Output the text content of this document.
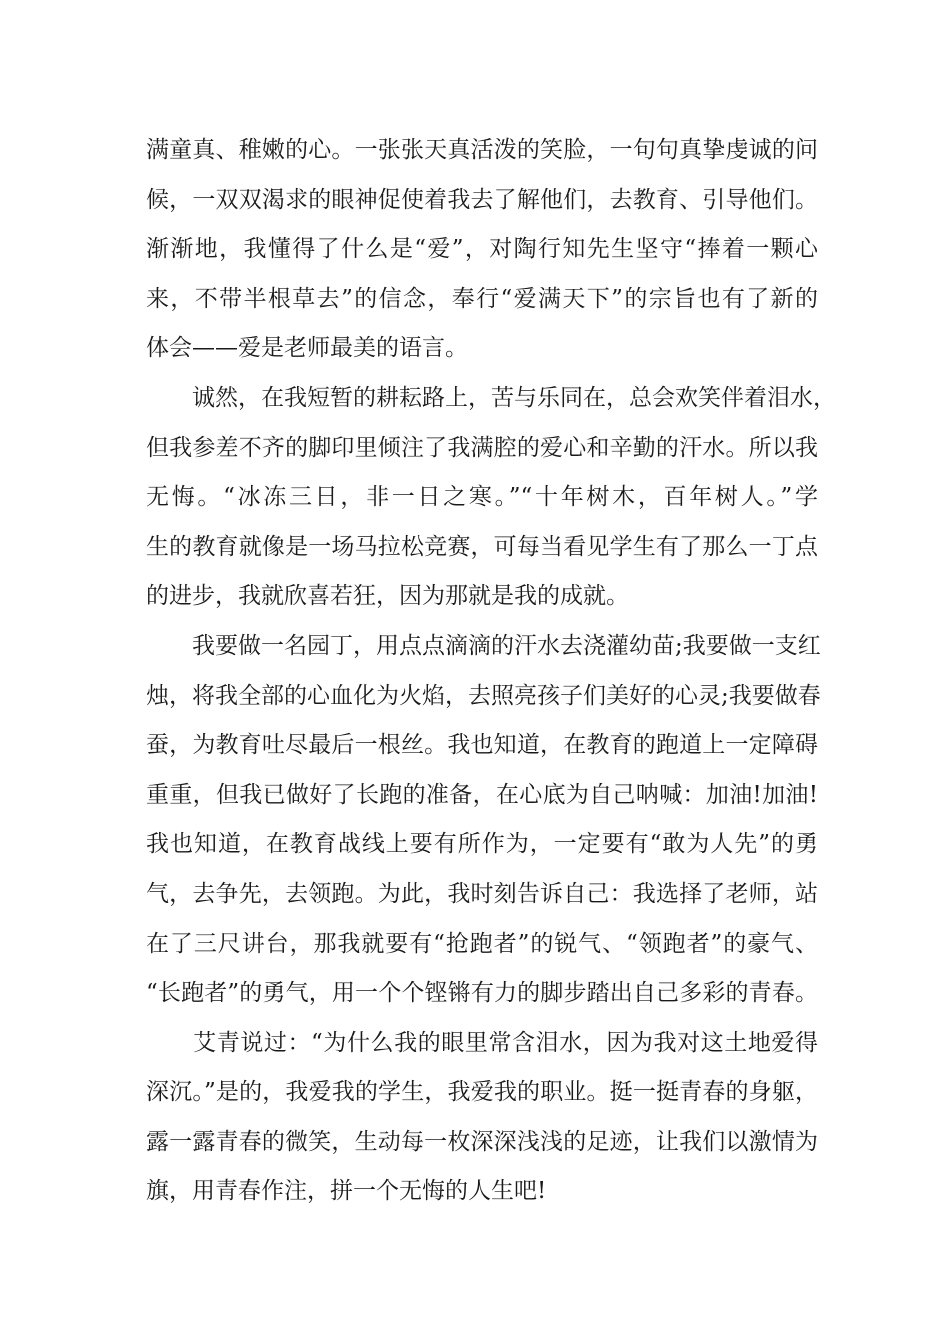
满童真、稚嫩的心。一张张天真活泼的笑脸，一句句真挚虔诚的问
候，一双双渴求的眼神促使着我去了解他们，去教育、引导他们。
渐渐地，我懂得了什么是“爱”，对陶行知先生坚守“捧着一颗心
来，不带半根草去”的信念，奉行“爱满天下”的宗旨也有了新的
体会——爱是老师最美的语言。
　　诚然，在我短暂的耕耘路上，苦与乐同在，总会欢笑伴着泪水，
但我参差不齐的脚印里倾注了我满腔的爱心和辛勤的汗水。所以我
无悔。“冰冻三日，非一日之寒。”“十年树木，百年树人。”学
生的教育就像是一场马拉松竞赛，可每当看见学生有了那么一丁点
的进步，我就欣喜若狂，因为那就是我的成就。
　　我要做一名园丁，用点点滴滴的汗水去浇灌幼苗;我要做一支红
烛，将我全部的心血化为火焰，去照亮孩子们美好的心灵;我要做春
蚕，为教育吐尽最后一根丝。我也知道，在教育的跑道上一定障碍
重重，但我已做好了长跑的准备，在心底为自己呐喊：加油!加油!
我也知道，在教育战线上要有所作为，一定要有“敢为人先”的勇
气，去争先，去领跑。为此，我时刻告诉自己：我选择了老师，站
在了三尺讲台，那我就要有“抢跑者”的锐气、“领跑者”的豪气、
“长跑者”的勇气，用一个个铿锵有力的脚步踏出自己多彩的青春。
　　艾青说过：“为什么我的眼里常含泪水，因为我对这土地爱得
深沉。”是的，我爱我的学生，我爱我的职业。挺一挺青春的身躯，
露一露青春的微笑，生动每一枚深深浅浅的足迹，让我们以激情为
旗，用青春作注，拼一个无悔的人生吧!
